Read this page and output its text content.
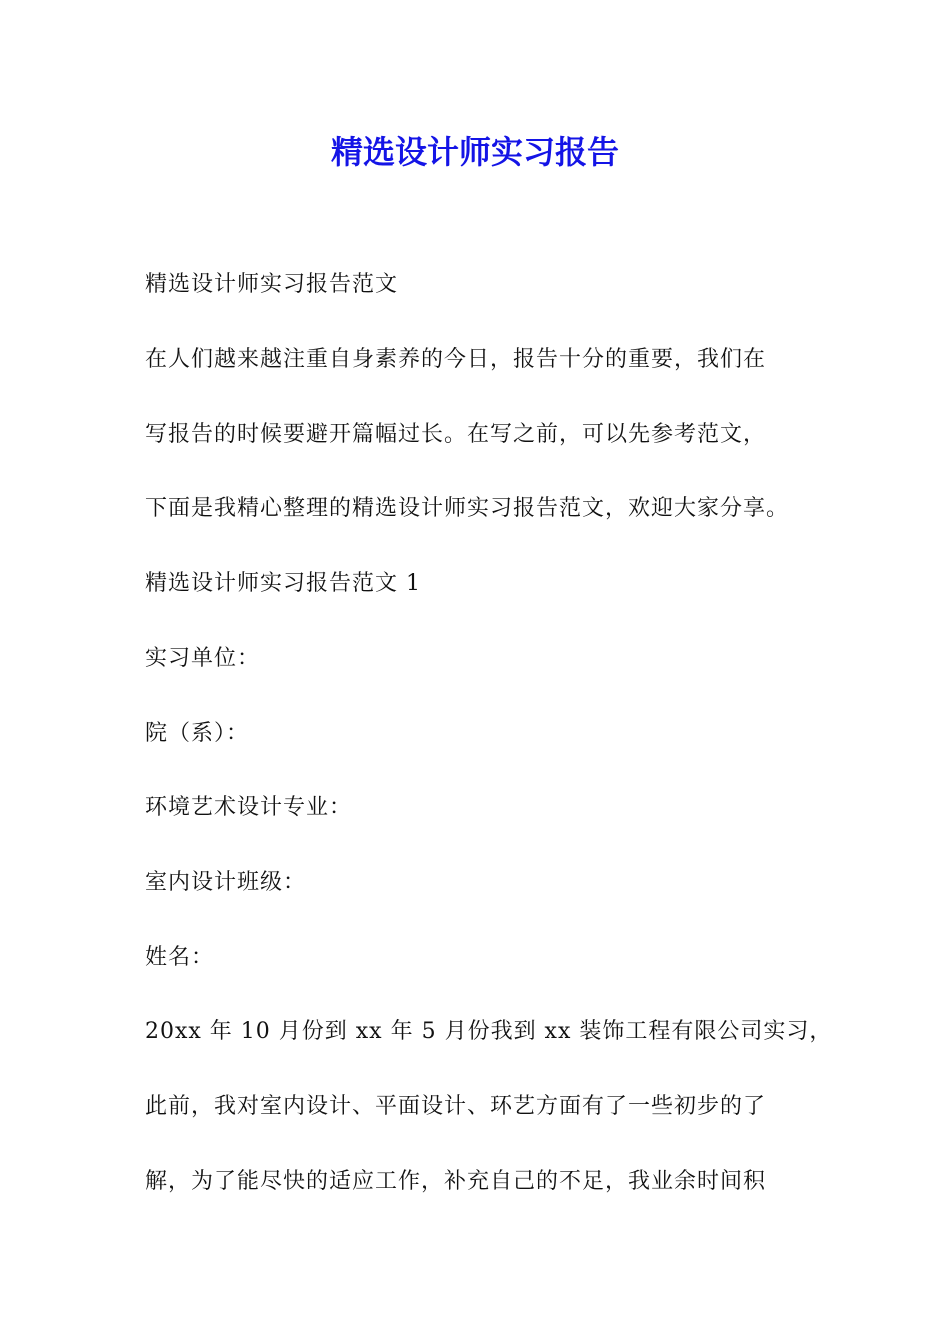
精选设计师实习报告
精选设计师实习报告范文
在人们越来越注重自身素养的今日，报告十分的重要，我们在
写报告的时候要避开篇幅过长。在写之前，可以先参考范文，
下面是我精心整理的精选设计师实习报告范文，欢迎大家分享。
精选设计师实习报告范文 1
实习单位：
院（系）：
环境艺术设计专业：
室内设计班级：
姓名：
20xx 年 10 月份到 xx 年 5 月份我到 xx 装饰工程有限公司实习，
此前，我对室内设计、平面设计、环艺方面有了一些初步的了
解，为了能尽快的适应工作，补充自己的不足，我业余时间积
